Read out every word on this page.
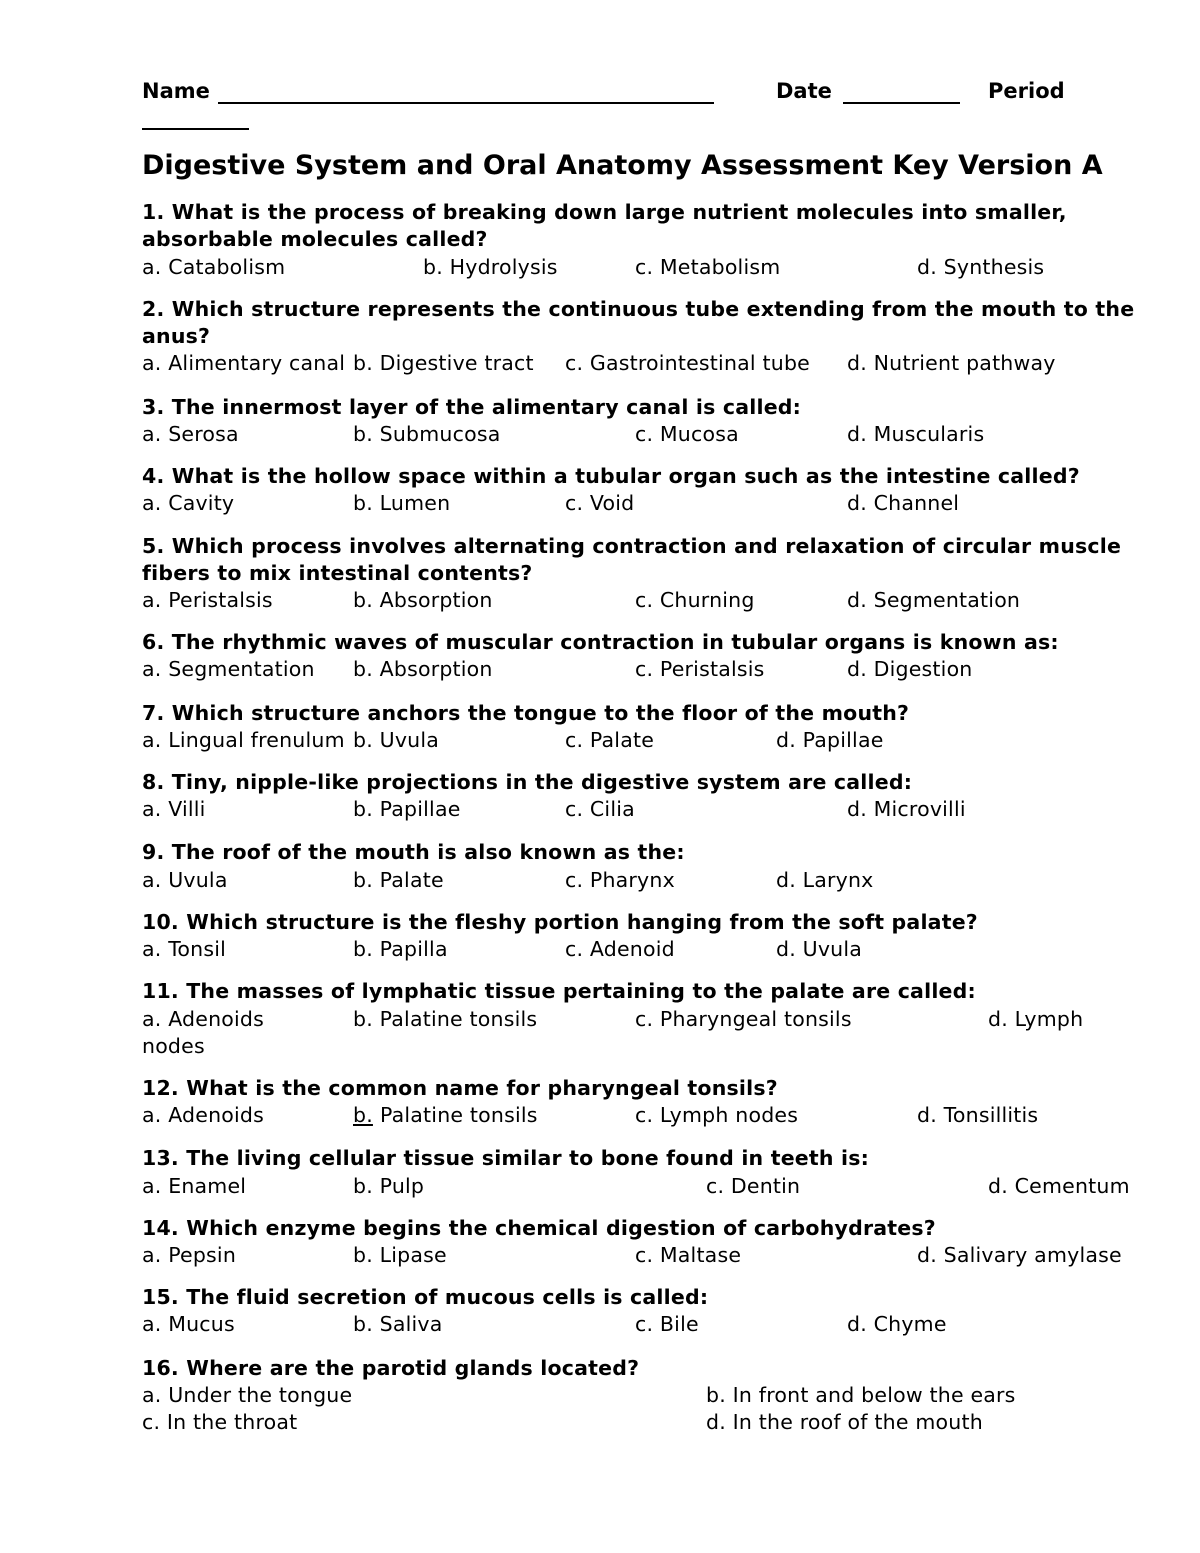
Name	Date	Period
Digestive System and Oral Anatomy Assessment Key Version A
1. What is the process of breaking down large nutrient molecules into smaller, absorbable molecules called?
a. Catabolism	b. Hydrolysis	c. Metabolism	d. Synthesis
2. Which structure represents the continuous tube extending from the mouth to the anus?
a. Alimentary canal b. Digestive tract c. Gastrointestinal tube d. Nutrient pathway
3. The innermost layer of the alimentary canal is called:
a. Serosa	b. Submucosa	c. Mucosa	d. Muscularis
4. What is the hollow space within a tubular organ such as the intestine called?
a. Cavity	b. Lumen	c. Void	d. Channel
5. Which process involves alternating contraction and relaxation of circular muscle fibers to mix intestinal contents?
a. Peristalsis	b. Absorption	c. Churning	d. Segmentation
6. The rhythmic waves of muscular contraction in tubular organs is known as:
a. Segmentation b. Absorption	c. Peristalsis	d. Digestion
7. Which structure anchors the tongue to the floor of the mouth?
a. Lingual frenulum b. Uvula	c. Palate	d. Papillae
8. Tiny, nipple-like projections in the digestive system are called:
a. Villi	b. Papillae	c. Cilia	d. Microvilli
9. The roof of the mouth is also known as the:
a. Uvula	b. Palate	c. Pharynx	d. Larynx
10. Which structure is the fleshy portion hanging from the soft palate?
a. Tonsil	b. Papilla	c. Adenoid	d. Uvula
11. The masses of lymphatic tissue pertaining to the palate are called:
a. Adenoids	b. Palatine tonsils	c. Pharyngeal tonsils	d. Lymph
nodes
12. What is the common name for pharyngeal tonsils?
a. Adenoids	b. Palatine tonsils	c. Lymph nodes	d. Tonsillitis
13. The living cellular tissue similar to bone found in teeth is:
a. Enamel	b. Pulp	c. Dentin	d. Cementum
14. Which enzyme begins the chemical digestion of carbohydrates?
a. Pepsin	b. Lipase	c. Maltase	d. Salivary amylase
15. The fluid secretion of mucous cells is called:
a. Mucus	b. Saliva	c. Bile	d. Chyme
16. Where are the parotid glands located?
a. Under the tongue	b. In front and below the ears
c. In the throat	d. In the roof of the mouth
